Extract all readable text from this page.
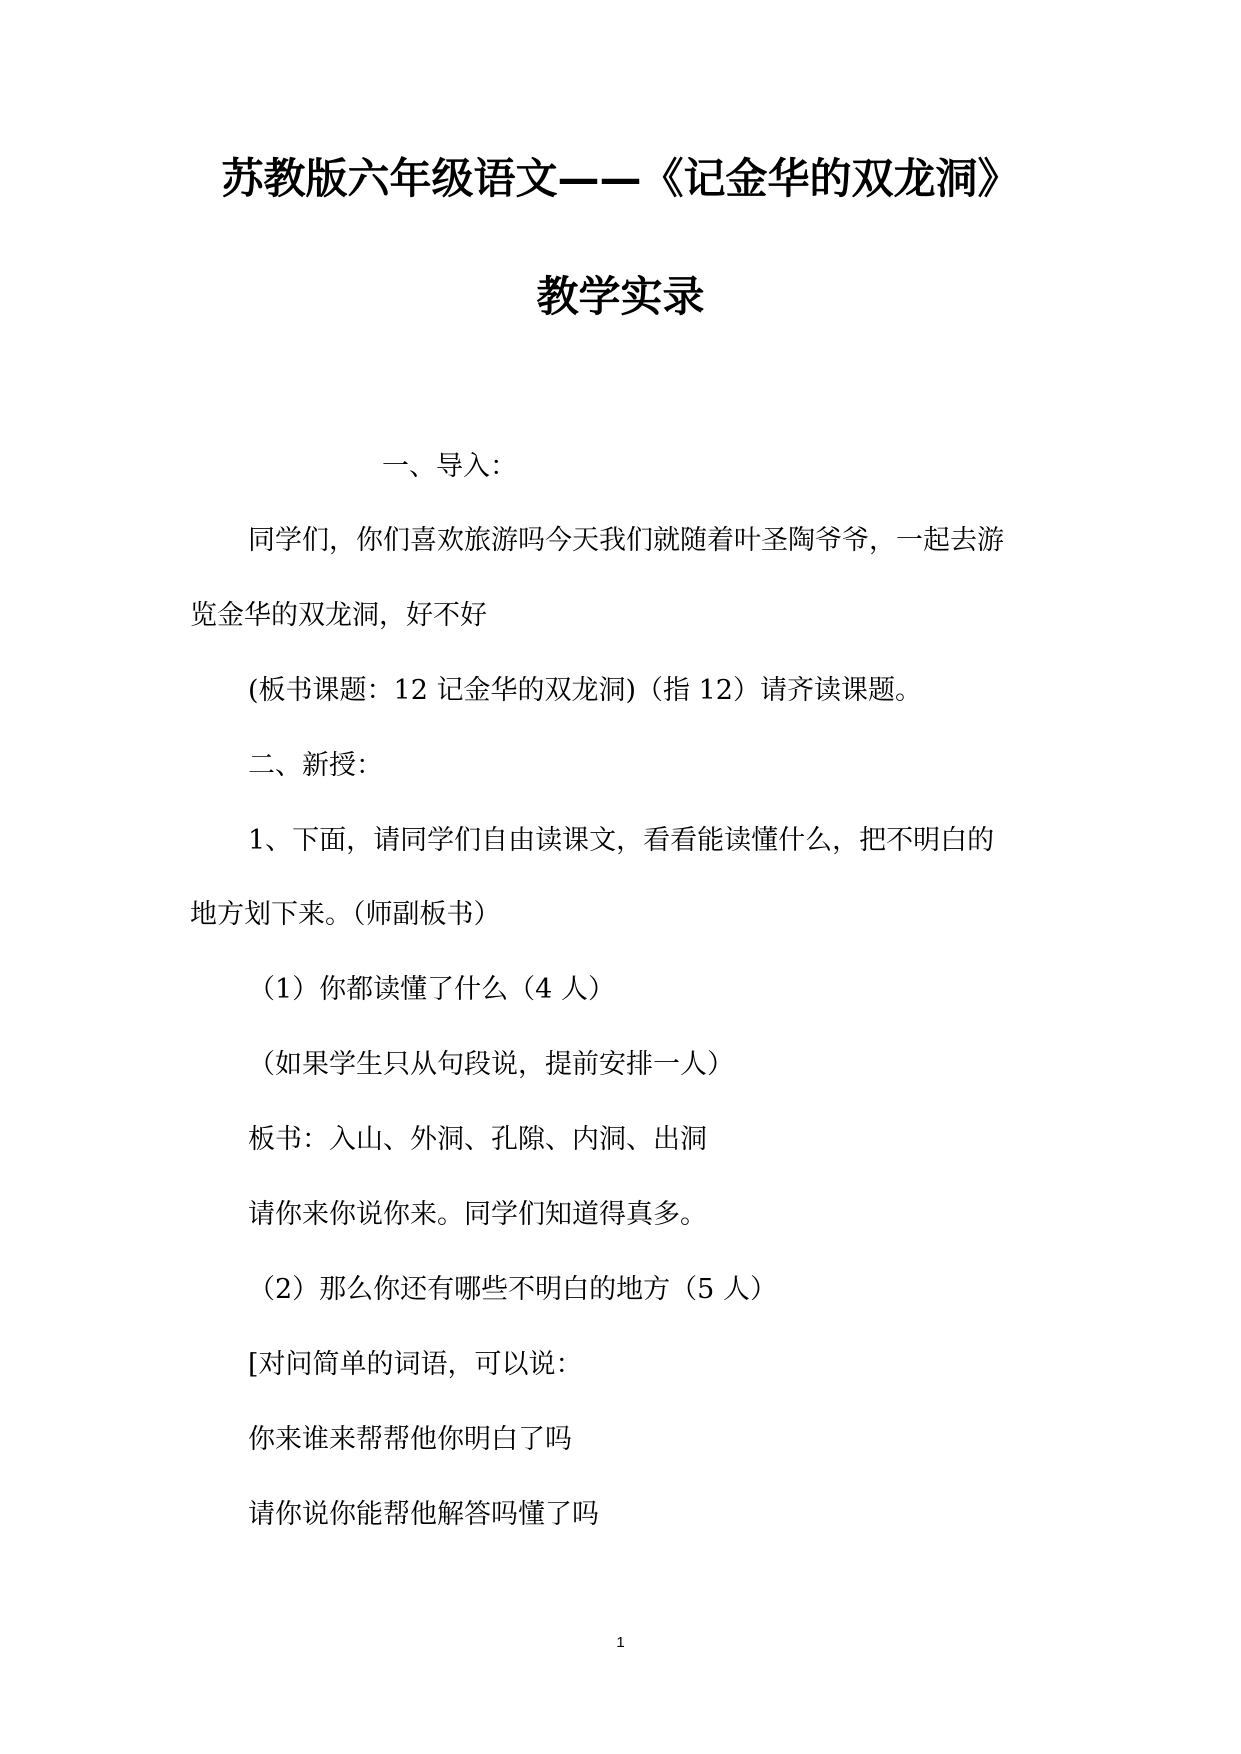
苏教版六年级语文——《记金华的双龙洞》
教学实录

一、导入：

同学们，你们喜欢旅游吗今天我们就随着叶圣陶爷爷，一起去游

览金华的双龙洞，好不好

(板书课题：12 记金华的双龙洞)（指 12）请齐读课题。

二、新授：

1、下面，请同学们自由读课文，看看能读懂什么，把不明白的

地方划下来。（师副板书）

（1）你都读懂了什么（4 人）

（如果学生只从句段说，提前安排一人）

板书：入山、外洞、孔隙、内洞、出洞

请你来你说你来。同学们知道得真多。

（2）那么你还有哪些不明白的地方（5 人）

[对问简单的词语，可以说：

你来谁来帮帮他你明白了吗

请你说你能帮他解答吗懂了吗

1
